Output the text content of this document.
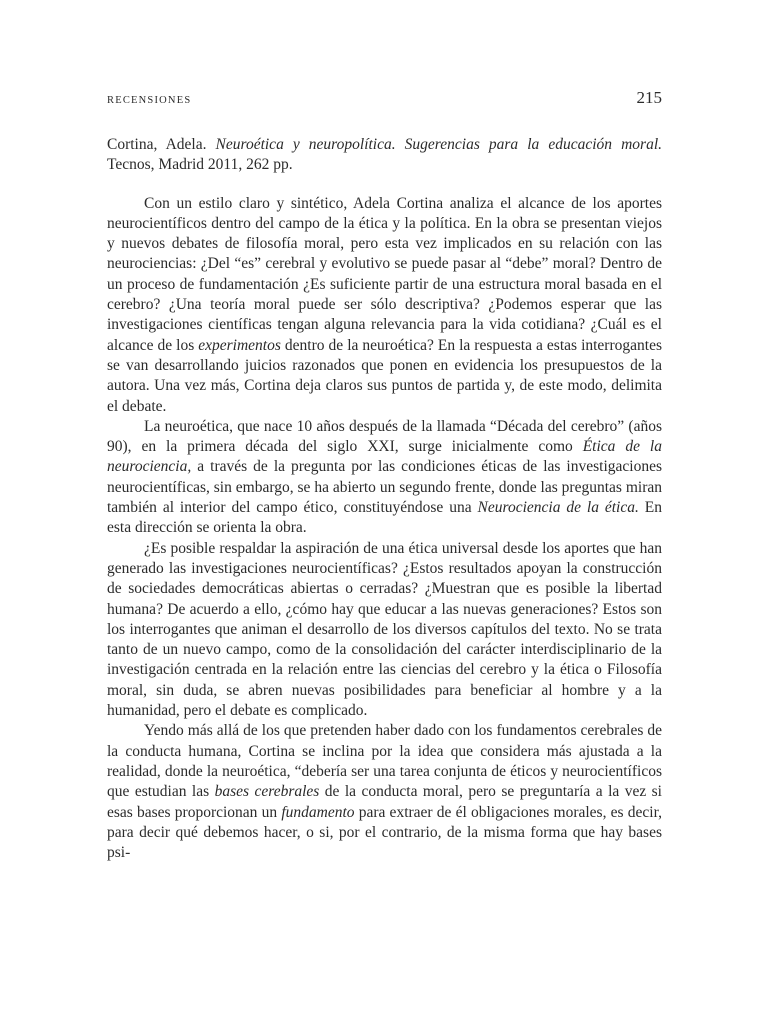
RECENSIONES	215

Cortina, Adela. Neuroética y neuropolítica. Sugerencias para la educación moral. Tecnos, Madrid 2011, 262 pp.

Con un estilo claro y sintético, Adela Cortina analiza el alcance de los aportes neurocientíficos dentro del campo de la ética y la política. En la obra se presentan viejos y nuevos debates de filosofía moral, pero esta vez implicados en su relación con las neurociencias: ¿Del “es” cerebral y evolutivo se puede pasar al “debe” moral? Dentro de un proceso de fundamentación ¿Es suficiente partir de una estructura moral basada en el cerebro? ¿Una teoría moral puede ser sólo descriptiva? ¿Podemos esperar que las investigaciones científicas tengan alguna relevancia para la vida cotidiana? ¿Cuál es el alcance de los experimentos dentro de la neuroética? En la respuesta a estas interrogantes se van desarrollando juicios razonados que ponen en evidencia los presupuestos de la autora. Una vez más, Cortina deja claros sus puntos de partida y, de este modo, delimita el debate.

La neuroética, que nace 10 años después de la llamada “Década del cerebro” (años 90), en la primera década del siglo XXI, surge inicialmente como Ética de la neurociencia, a través de la pregunta por las condiciones éticas de las investigaciones neurocientíficas, sin embargo, se ha abierto un segundo frente, donde las preguntas miran también al interior del campo ético, constituyéndose una Neurociencia de la ética. En esta dirección se orienta la obra.

¿Es posible respaldar la aspiración de una ética universal desde los aportes que han generado las investigaciones neurocientíficas? ¿Estos resultados apoyan la construcción de sociedades democráticas abiertas o cerradas? ¿Muestran que es posible la libertad humana? De acuerdo a ello, ¿cómo hay que educar a las nuevas generaciones? Estos son los interrogantes que animan el desarrollo de los diversos capítulos del texto. No se trata tanto de un nuevo campo, como de la consolidación del carácter interdisciplinario de la investigación centrada en la relación entre las ciencias del cerebro y la ética o Filosofía moral, sin duda, se abren nuevas posibilidades para beneficiar al hombre y a la humanidad, pero el debate es complicado.

Yendo más allá de los que pretenden haber dado con los fundamentos cerebrales de la conducta humana, Cortina se inclina por la idea que considera más ajustada a la realidad, donde la neuroética, “debería ser una tarea conjunta de éticos y neurocientíficos que estudian las bases cerebrales de la conducta moral, pero se preguntaría a la vez si esas bases proporcionan un fundamento para extraer de él obligaciones morales, es decir, para decir qué debemos hacer, o si, por el contrario, de la misma forma que hay bases psi-
